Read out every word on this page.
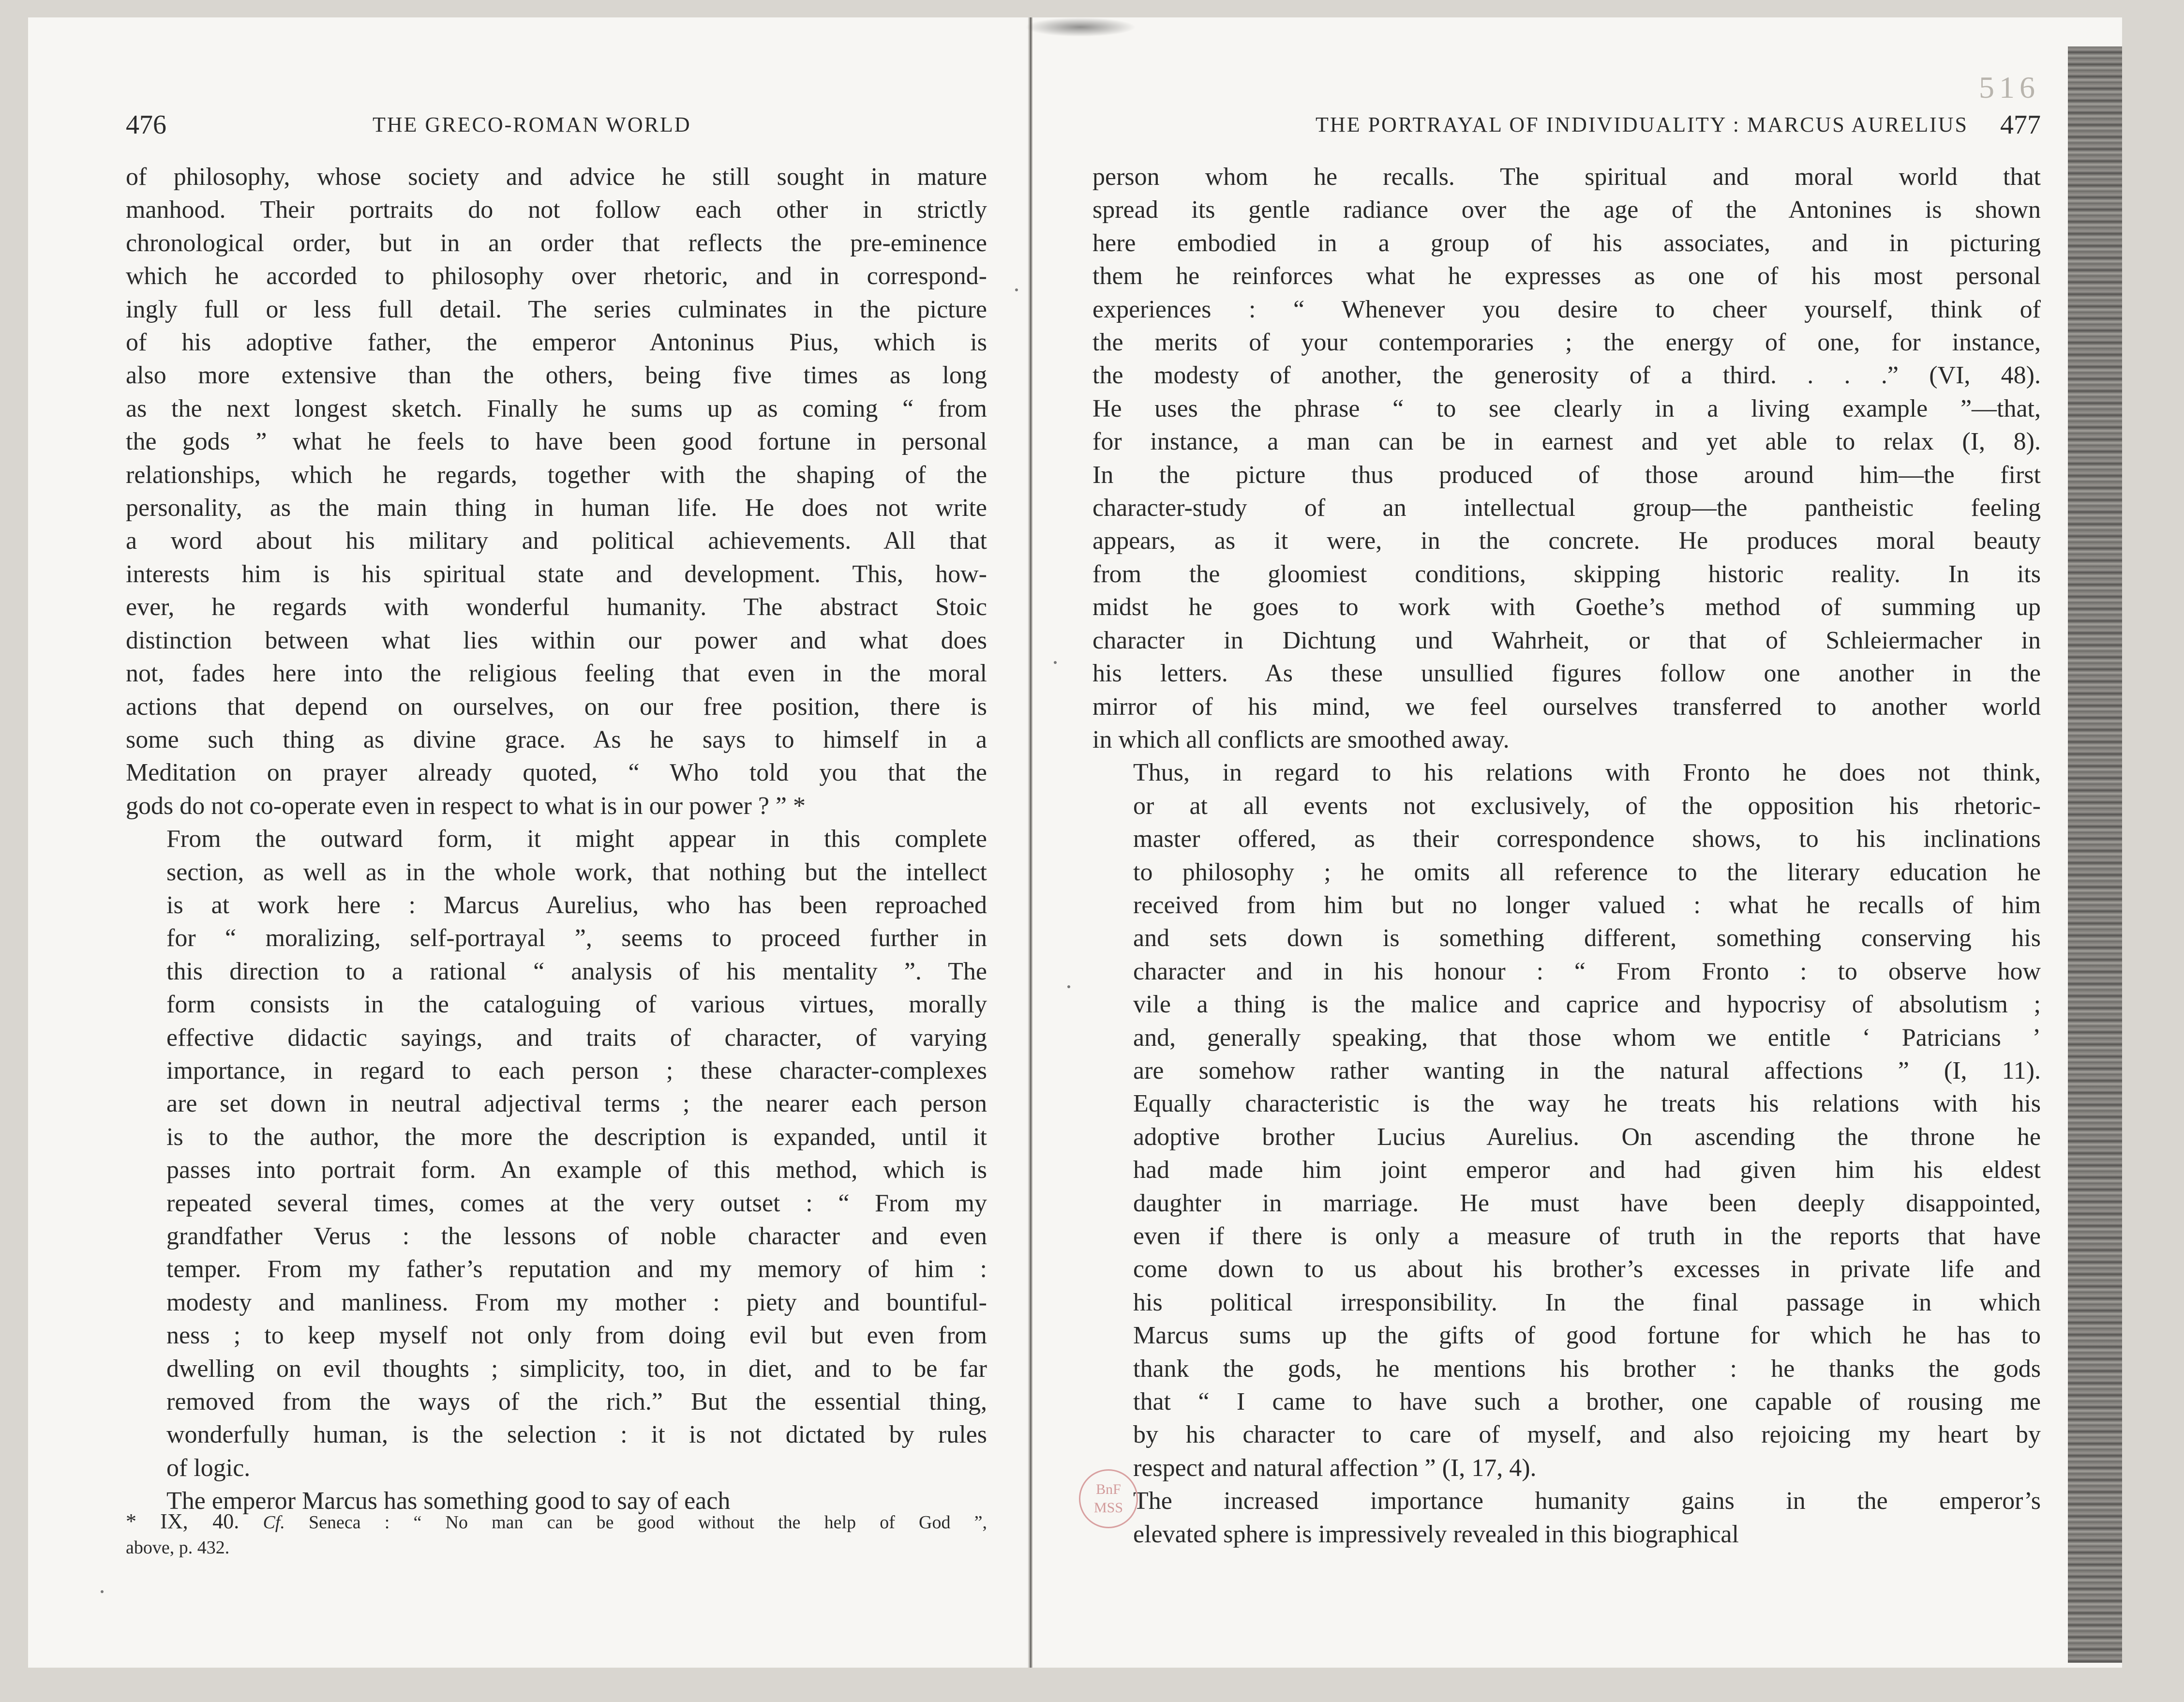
476	THE GRECO-ROMAN WORLD

of philosophy, whose society and advice he still sought in mature
manhood. Their portraits do not follow each other in strictly
chronological order, but in an order that reflects the pre-eminence
which he accorded to philosophy over rhetoric, and in correspond-
ingly full or less full detail. The series culminates in the picture
of his adoptive father, the emperor Antoninus Pius, which is
also more extensive than the others, being five times as long
as the next longest sketch. Finally he sums up as coming “ from
the gods ” what he feels to have been good fortune in personal
relationships, which he regards, together with the shaping of the
personality, as the main thing in human life. He does not write
a word about his military and political achievements. All that
interests him is his spiritual state and development. This, how-
ever, he regards with wonderful humanity. The abstract Stoic
distinction between what lies within our power and what does
not, fades here into the religious feeling that even in the moral
actions that depend on ourselves, on our free position, there is
some such thing as divine grace. As he says to himself in a
Meditation on prayer already quoted, “ Who told you that the
gods do not co-operate even in respect to what is in our power ? ” *

From the outward form, it might appear in this complete
section, as well as in the whole work, that nothing but the intellect
is at work here : Marcus Aurelius, who has been reproached
for “ moralizing, self-portrayal ”, seems to proceed further in
this direction to a rational “ analysis of his mentality ”. The
form consists in the cataloguing of various virtues, morally
effective didactic sayings, and traits of character, of varying
importance, in regard to each person ; these character-complexes
are set down in neutral adjectival terms ; the nearer each person
is to the author, the more the description is expanded, until it
passes into portrait form. An example of this method, which is
repeated several times, comes at the very outset : “ From my
grandfather Verus : the lessons of noble character and even
temper. From my father’s reputation and my memory of him :
modesty and manliness. From my mother : piety and bountiful-
ness ; to keep myself not only from doing evil but even from
dwelling on evil thoughts ; simplicity, too, in diet, and to be far
removed from the ways of the rich.” But the essential thing,
wonderfully human, is the selection : it is not dictated by rules
of logic.

The emperor Marcus has something good to say of each

* IX, 40. Cf. Seneca : “ No man can be good without the help of God ”,
above, p. 432.
516
THE PORTRAYAL OF INDIVIDUALITY : MARCUS AURELIUS 477

person whom he recalls. The spiritual and moral world that
spread its gentle radiance over the age of the Antonines is shown
here embodied in a group of his associates, and in picturing
them he reinforces what he expresses as one of his most personal
experiences : “ Whenever you desire to cheer yourself, think of
the merits of your contemporaries ; the energy of one, for instance,
the modesty of another, the generosity of a third. . . .” (VI, 48).
He uses the phrase “ to see clearly in a living example ”—that,
for instance, a man can be in earnest and yet able to relax (I, 8).
In the picture thus produced of those around him—the first
character-study of an intellectual group—the pantheistic feeling
appears, as it were, in the concrete. He produces moral beauty
from the gloomiest conditions, skipping historic reality. In its
midst he goes to work with Goethe’s method of summing up
character in Dichtung und Wahrheit, or that of Schleiermacher in
his letters. As these unsullied figures follow one another in the
mirror of his mind, we feel ourselves transferred to another world
in which all conflicts are smoothed away.

Thus, in regard to his relations with Fronto he does not think,
or at all events not exclusively, of the opposition his rhetoric-
master offered, as their correspondence shows, to his inclinations
to philosophy ; he omits all reference to the literary education he
received from him but no longer valued : what he recalls of him
and sets down is something different, something conserving his
character and in his honour : “ From Fronto : to observe how
vile a thing is the malice and caprice and hypocrisy of absolutism ;
and, generally speaking, that those whom we entitle ‘ Patricians ’
are somehow rather wanting in the natural affections ” (I, 11).
Equally characteristic is the way he treats his relations with his
adoptive brother Lucius Aurelius. On ascending the throne he
had made him joint emperor and had given him his eldest
daughter in marriage. He must have been deeply disappointed,
even if there is only a measure of truth in the reports that have
come down to us about his brother’s excesses in private life and
his political irresponsibility. In the final passage in which
Marcus sums up the gifts of good fortune for which he has to
thank the gods, he mentions his brother : he thanks the gods
that “ I came to have such a brother, one capable of rousing me
by his character to care of myself, and also rejoicing my heart by
respect and natural affection ” (I, 17, 4).

The increased importance humanity gains in the emperor’s
elevated sphere is impressively revealed in this biographical

BnF
MSS
